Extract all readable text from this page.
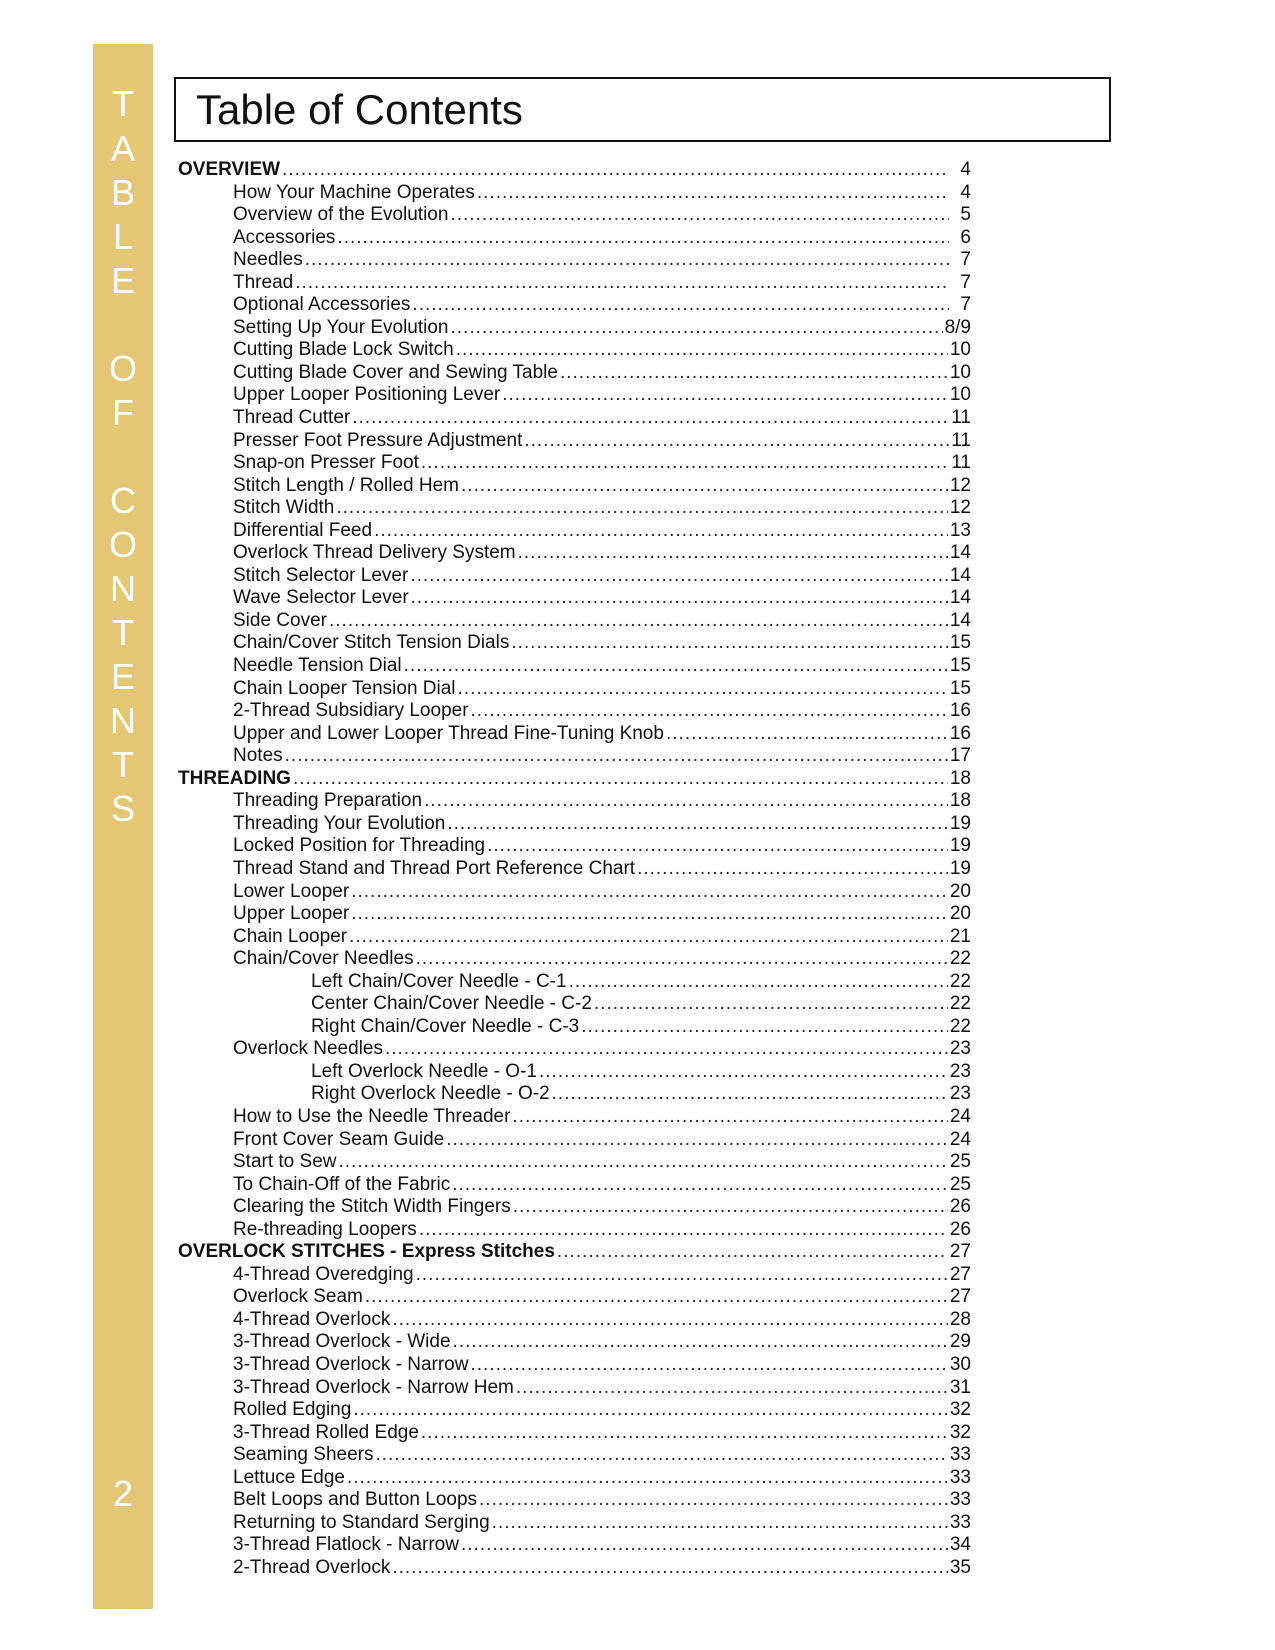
T
A
B
L
E
O
F
C
O
N
T
E
N
T
S
2
Table of Contents
OVERVIEW .....	4
How Your Machine Operates .....	4
Overview of the Evolution .....	5
Accessories .....	6
Needles .....	7
Thread .....	7
Optional Accessories .....	7
Setting Up Your Evolution .....	8/9
Cutting Blade Lock Switch .....	10
Cutting Blade Cover and Sewing Table .....	10
Upper Looper Positioning Lever .....	10
Thread Cutter .....	11
Presser Foot Pressure Adjustment .....	11
Snap-on Presser Foot .....	11
Stitch Length / Rolled Hem .....	12
Stitch Width .....	12
Differential Feed .....	13
Overlock Thread Delivery System .....	14
Stitch Selector Lever .....	14
Wave Selector Lever .....	14
Side Cover .....	14
Chain/Cover Stitch Tension Dials .....	15
Needle Tension Dial .....	15
Chain Looper Tension Dial .....	15
2-Thread Subsidiary Looper .....	16
Upper and Lower Looper Thread Fine-Tuning Knob .....	16
Notes .....	17
THREADING .....	18
Threading Preparation .....	18
Threading Your Evolution .....	19
Locked Position for Threading .....	19
Thread Stand and Thread Port Reference Chart .....	19
Lower Looper .....	20
Upper Looper .....	20
Chain Looper .....	21
Chain/Cover Needles .....	22
Left Chain/Cover Needle - C-1 .....	22
Center Chain/Cover Needle - C-2 .....	22
Right Chain/Cover Needle - C-3 .....	22
Overlock Needles .....	23
Left Overlock Needle - O-1 .....	23
Right Overlock Needle - O-2 .....	23
How to Use the Needle Threader .....	24
Front Cover Seam Guide .....	24
Start to Sew .....	25
To Chain-Off of the Fabric .....	25
Clearing the Stitch Width Fingers .....	26
Re-threading Loopers .....	26
OVERLOCK STITCHES - Express Stitches .....	27
4-Thread Overedging .....	27
Overlock Seam .....	27
4-Thread Overlock .....	28
3-Thread Overlock - Wide .....	29
3-Thread Overlock - Narrow .....	30
3-Thread Overlock - Narrow Hem .....	31
Rolled Edging .....	32
3-Thread Rolled Edge .....	32
Seaming Sheers .....	33
Lettuce Edge .....	33
Belt Loops and Button Loops .....	33
Returning to Standard Serging .....	33
3-Thread Flatlock - Narrow .....	34
2-Thread Overlock .....	35
